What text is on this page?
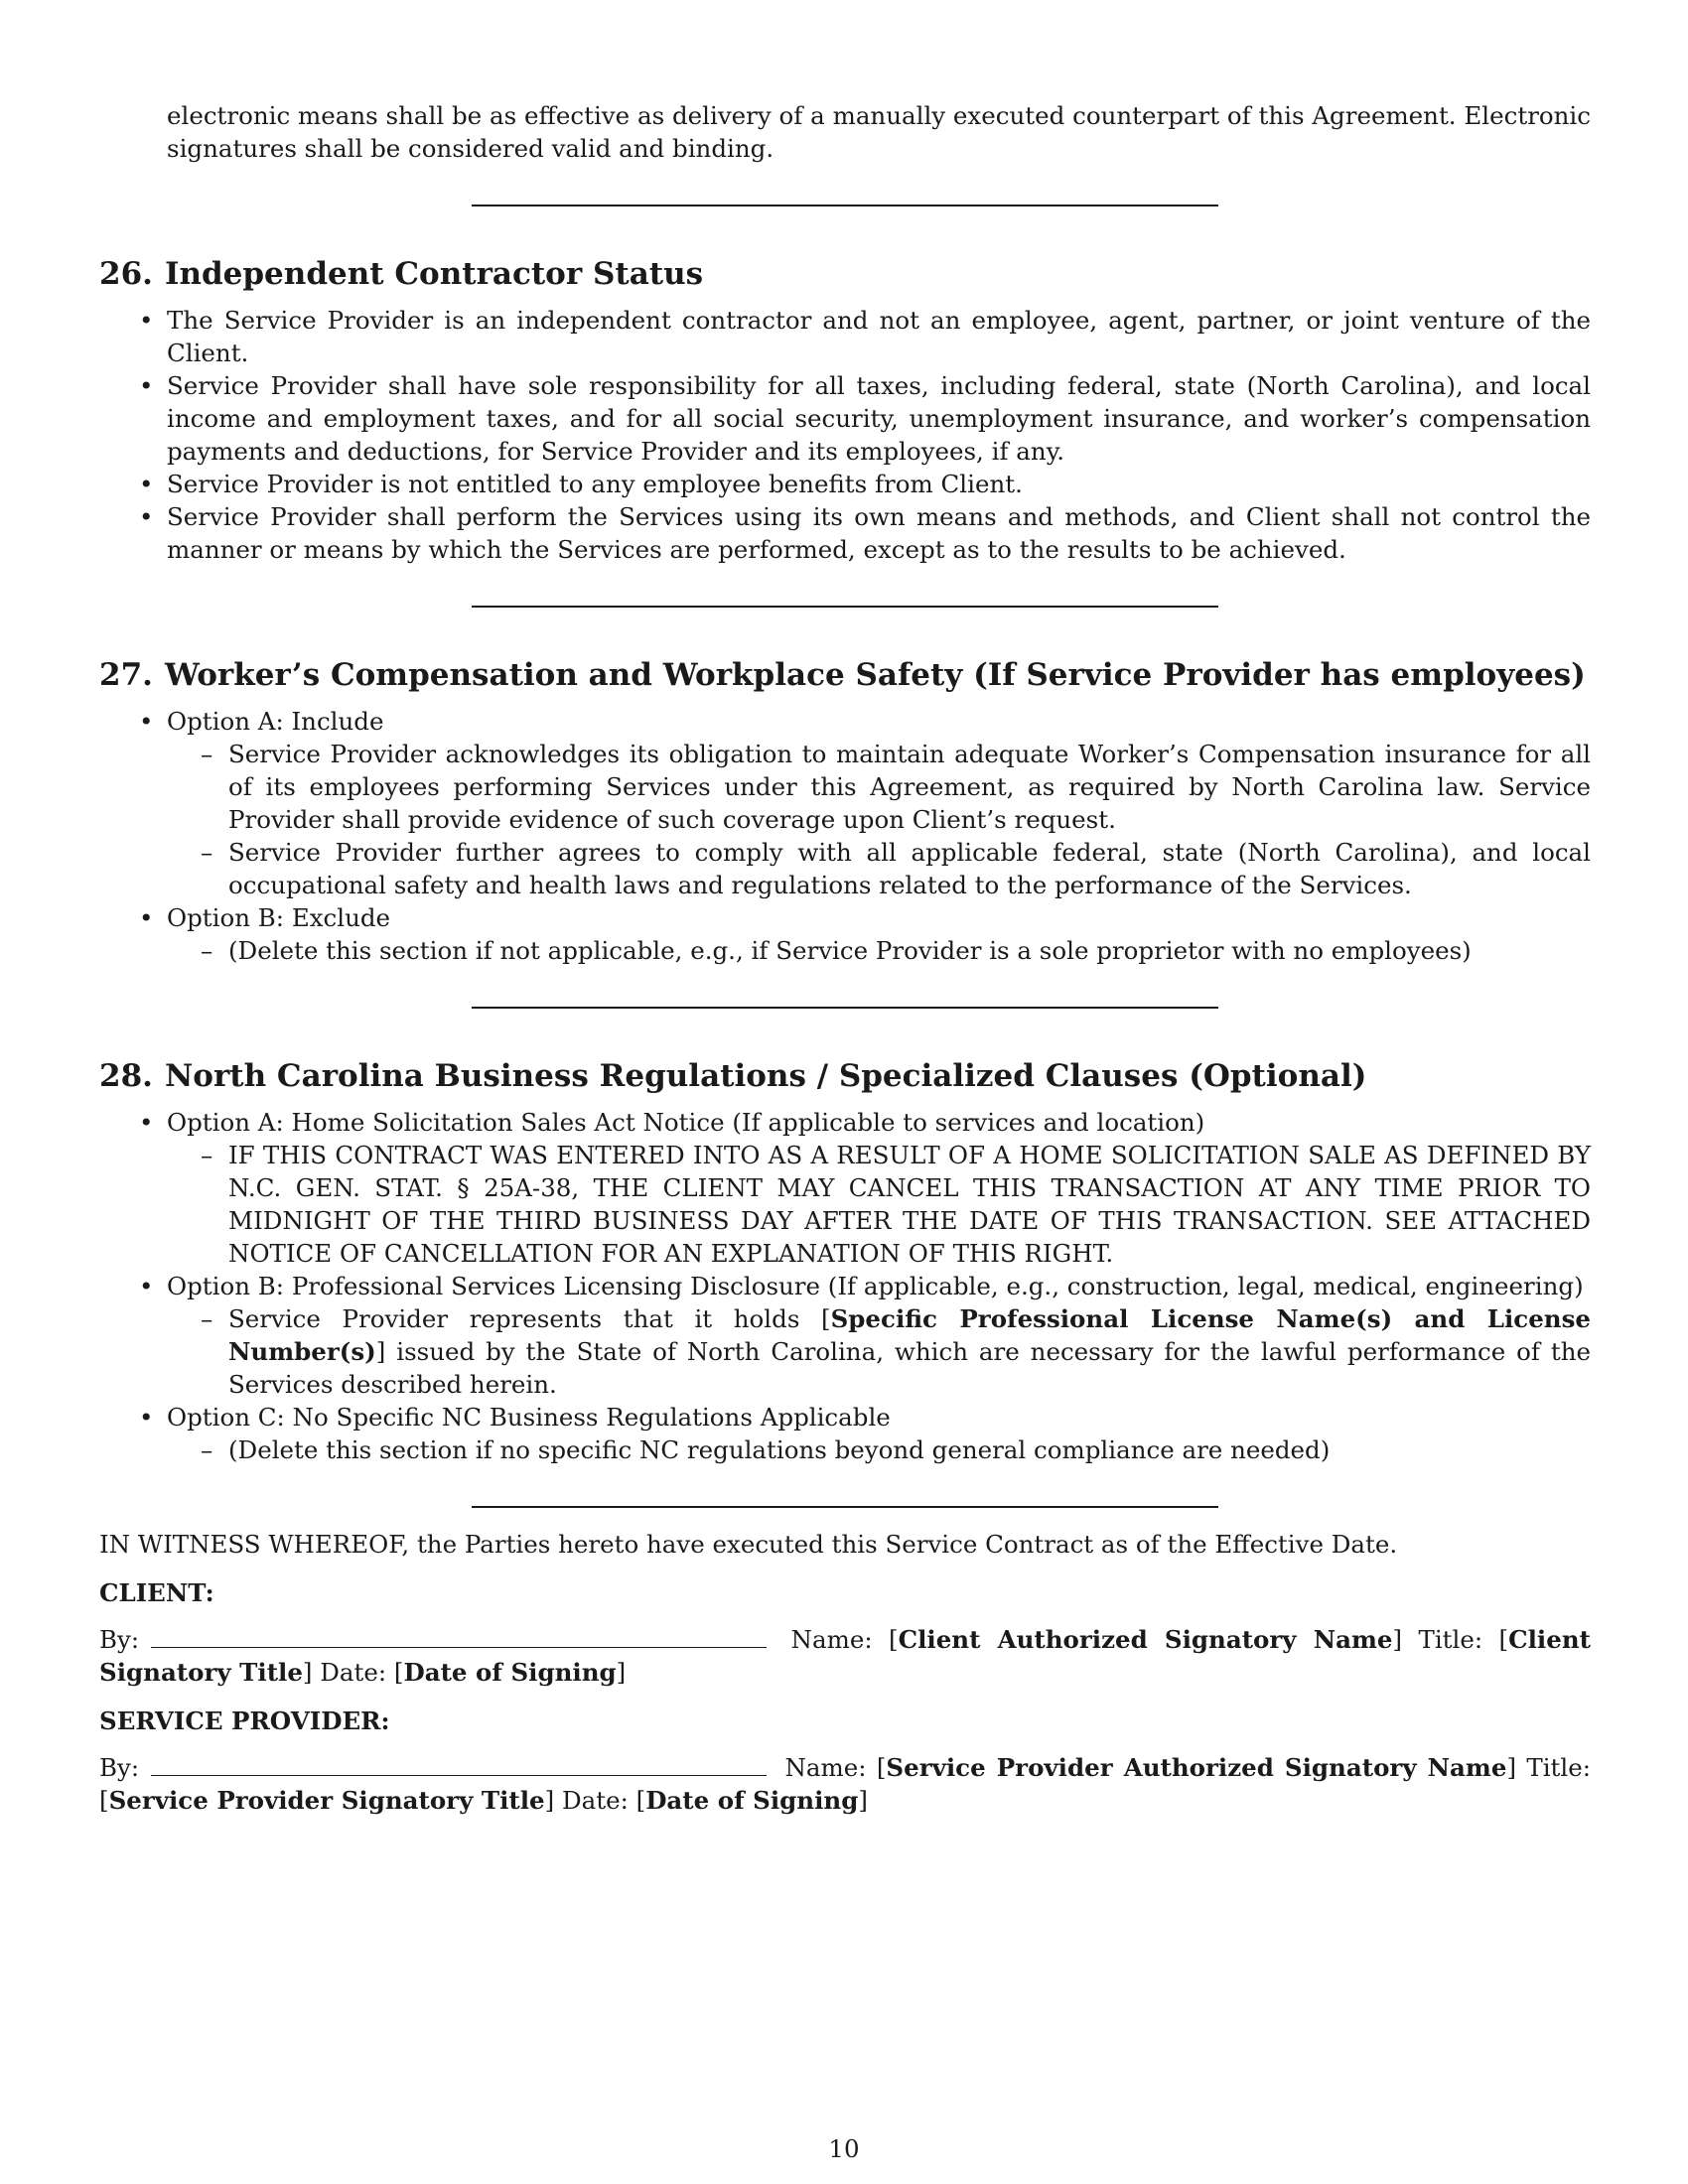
electronic means shall be as effective as delivery of a manually executed counterpart of this Agreement. Electronic signatures shall be considered valid and binding.

26. Independent Contractor Status
• The Service Provider is an independent contractor and not an employee, agent, partner, or joint venture of the Client.
• Service Provider shall have sole responsibility for all taxes, including federal, state (North Carolina), and local income and employment taxes, and for all social security, unemployment insurance, and worker’s compensation payments and deductions, for Service Provider and its employees, if any.
• Service Provider is not entitled to any employee benefits from Client.
• Service Provider shall perform the Services using its own means and methods, and Client shall not control the manner or means by which the Services are performed, except as to the results to be achieved.
27. Worker’s Compensation and Workplace Safety (If Service Provider has employees)
• Option A: Include
– Service Provider acknowledges its obligation to maintain adequate Worker’s Compensation insurance for all of its employees performing Services under this Agreement, as required by North Carolina law. Service Provider shall provide evidence of such coverage upon Client’s request.
– Service Provider further agrees to comply with all applicable federal, state (North Carolina), and local occupational safety and health laws and regulations related to the performance of the Services.
• Option B: Exclude
– (Delete this section if not applicable, e.g., if Service Provider is a sole proprietor with no employees)
28. North Carolina Business Regulations / Specialized Clauses (Optional)
• Option A: Home Solicitation Sales Act Notice (If applicable to services and location)
– IF THIS CONTRACT WAS ENTERED INTO AS A RESULT OF A HOME SOLICITATION SALE AS DEFINED BY N.C. GEN. STAT. § 25A-38, THE CLIENT MAY CANCEL THIS TRANSACTION AT ANY TIME PRIOR TO MIDNIGHT OF THE THIRD BUSINESS DAY AFTER THE DATE OF THIS TRANSACTION. SEE ATTACHED NOTICE OF CANCELLATION FOR AN EXPLANATION OF THIS RIGHT.
• Option B: Professional Services Licensing Disclosure (If applicable, e.g., construction, legal, medical, engineering)
– Service Provider represents that it holds [Specific Professional License Name(s) and License Number(s)] issued by the State of North Carolina, which are necessary for the lawful performance of the Services described herein.
• Option C: No Specific NC Business Regulations Applicable
– (Delete this section if no specific NC regulations beyond general compliance are needed)

IN WITNESS WHEREOF, the Parties hereto have executed this Service Contract as of the Effective Date.

CLIENT:

By:	Name: [Client Authorized Signatory Name] Title: [Client Signatory Title] Date: [Date of Signing]

SERVICE PROVIDER:

By:	Name: [Service Provider Authorized Signatory Name] Title: [Service Provider Signatory Title] Date: [Date of Signing]

10
